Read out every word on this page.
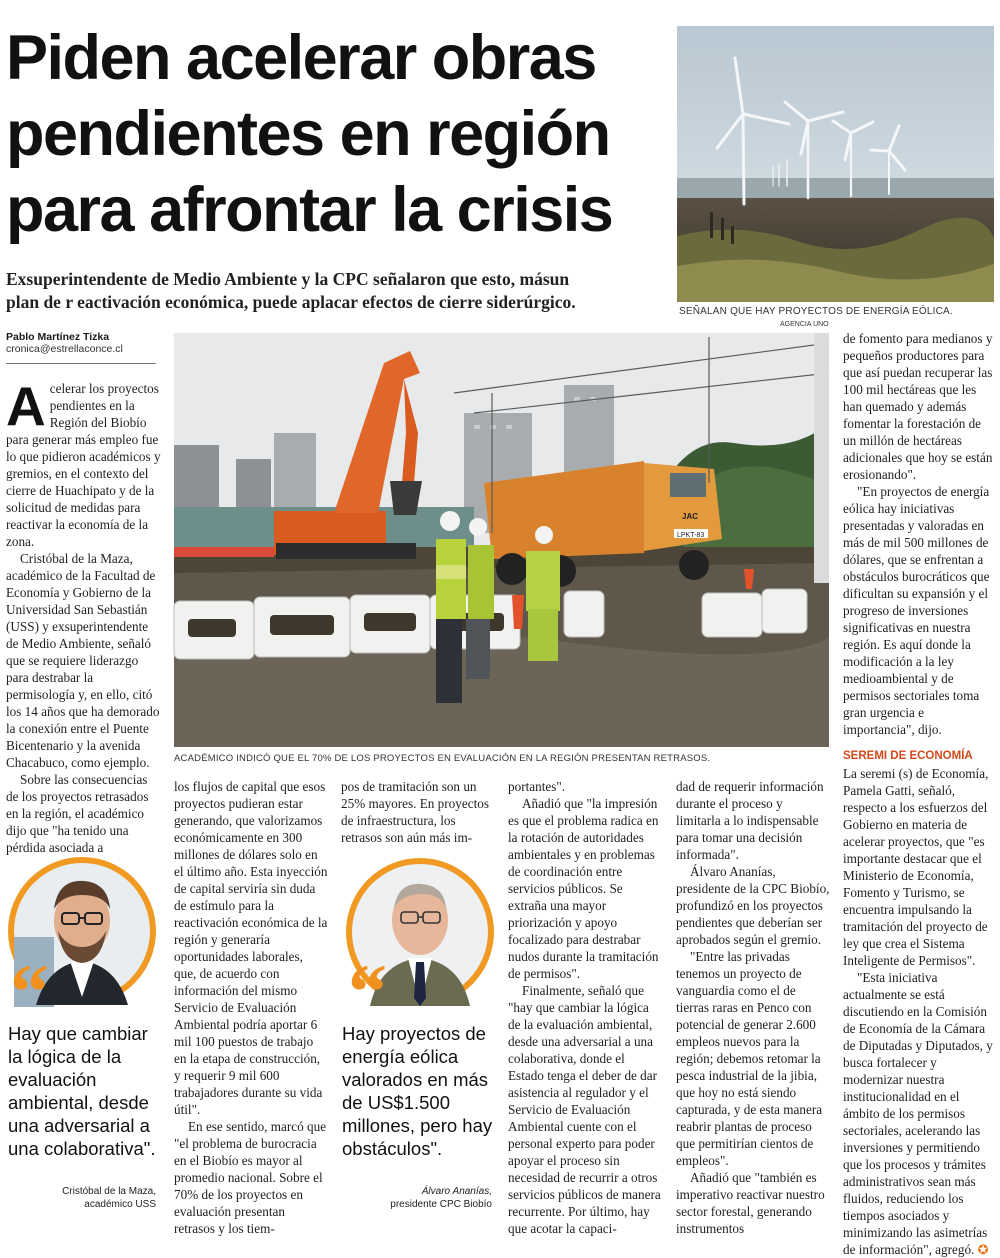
Piden acelerar obras
pendientes en región
para afrontar la crisis
Exsuperintendente de Medio Ambiente y la CPC señalaron que esto, másun
plan de r eactivación económica, puede aplacar efectos de cierre siderúrgico.	SEÑALAN QUE HAY PROYECTOS DE ENERGÍA EÓLICA.
AGENCIA UNO
Pablo Martínez Tizka
cronica@estrellaconce.cl
LPKT-83
JAC
ACADÉMICO INDICÓ QUE EL 70% DE LOS PROYECTOS EN EVALUACIÓN EN LA REGIÓN PRESENTAN RETRASOS.

Acelerar los proyectos pendientes en la Región del Biobío para generar más empleo fue lo que pidieron académicos y gremios, en el contexto del cierre de Huachipato y de la solicitud de medidas para reactivar la economía de la zona.

Cristóbal de la Maza, académico de la Facultad de Economía y Gobierno de la Universidad San Sebastián (USS) y exsuperintendente de Medio Ambiente, señaló que se requiere liderazgo para destrabar la permisología y, en ello, citó los 14 años que ha demorado la conexión entre el Puente Bicentenario y la avenida Chacabuco, como ejemplo.

Sobre las consecuencias de los proyectos retrasados en la región, el académico dijo que "ha tenido una pérdida asociada a

“
Hay que cambiar
la lógica de la
evaluación
ambiental, desde
una adversarial a
una colaborativa".
Cristóbal de la Maza,
académico USS

los flujos de capital que esos proyectos pudieran estar generando, que valorizamos económicamente en 300 millones de dólares solo en el último año. Esta inyección de capital serviría sin duda de estímulo para la reactivación económica de la región y generaría oportunidades laborales, que, de acuerdo con información del mismo Servicio de Evaluación Ambiental podría aportar 6 mil 100 puestos de trabajo en la etapa de construcción, y requerir 9 mil 600 trabajadores durante su vida útil".

En ese sentido, marcó que "el problema de burocracia en el Biobío es mayor al promedio nacional. Sobre el 70% de los proyectos en evaluación presentan retrasos y los tiem-

pos de tramitación son un 25% mayores. En proyectos de infraestructura, los retrasos son aún más im-

“
Hay proyectos de
energía eólica
valorados en más
de US$1.500
millones, pero hay
obstáculos".
Álvaro Ananías,
presidente CPC Biobío

portantes".

Añadió que "la impresión es que el problema radica en la rotación de autoridades ambientales y en problemas de coordinación entre servicios públicos. Se extraña una mayor priorización y apoyo focalizado para destrabar nudos durante la tramitación de permisos".

Finalmente, señaló que "hay que cambiar la lógica de la evaluación ambiental, desde una adversarial a una colaborativa, donde el Estado tenga el deber de dar asistencia al regulador y el Servicio de Evaluación Ambiental cuente con el personal experto para poder apoyar el proceso sin necesidad de recurrir a otros servicios públicos de manera recurrente. Por último, hay que acotar la capaci-

dad de requerir información durante el proceso y limitarla a lo indispensable para tomar una decisión informada".

Álvaro Ananías, presidente de la CPC Biobío, profundizó en los proyectos pendientes que deberían ser aprobados según el gremio.

"Entre las privadas tenemos un proyecto de vanguardia como el de tierras raras en Penco con potencial de generar 2.600 empleos nuevos para la región; debemos retomar la pesca industrial de la jibia, que hoy no está siendo capturada, y de esta manera reabrir plantas de proceso que permitirían cientos de empleos".

Añadió que "también es imperativo reactivar nuestro sector forestal, generando instrumentos

de fomento para medianos y pequeños productores para que así puedan recuperar las 100 mil hectáreas que les han quemado y además fomentar la forestación de un millón de hectáreas adicionales que hoy se están erosionando".

"En proyectos de energía eólica hay iniciativas presentadas y valoradas en más de mil 500 millones de dólares, que se enfrentan a obstáculos burocráticos que dificultan su expansión y el progreso de inversiones significativas en nuestra región. Es aquí donde la modificación a la ley medioambiental y de permisos sectoriales toma gran urgencia e importancia", dijo.

SEREMI DE ECONOMÍA

La seremi (s) de Economía, Pamela Gatti, señaló, respecto a los esfuerzos del Gobierno en materia de acelerar proyectos, que "es importante destacar que el Ministerio de Economía, Fomento y Turismo, se encuentra impulsando la tramitación del proyecto de ley que crea el Sistema Inteligente de Permisos".

"Esta iniciativa actualmente se está discutiendo en la Comisión de Economía de la Cámara de Diputadas y Diputados, y busca fortalecer y modernizar nuestra institucionalidad en el ámbito de los permisos sectoriales, acelerando las inversiones y permitiendo que los procesos y trámites administrativos sean más fluidos, reduciendo los tiempos asociados y minimizando las asimetrías de información", agregó. ✪
